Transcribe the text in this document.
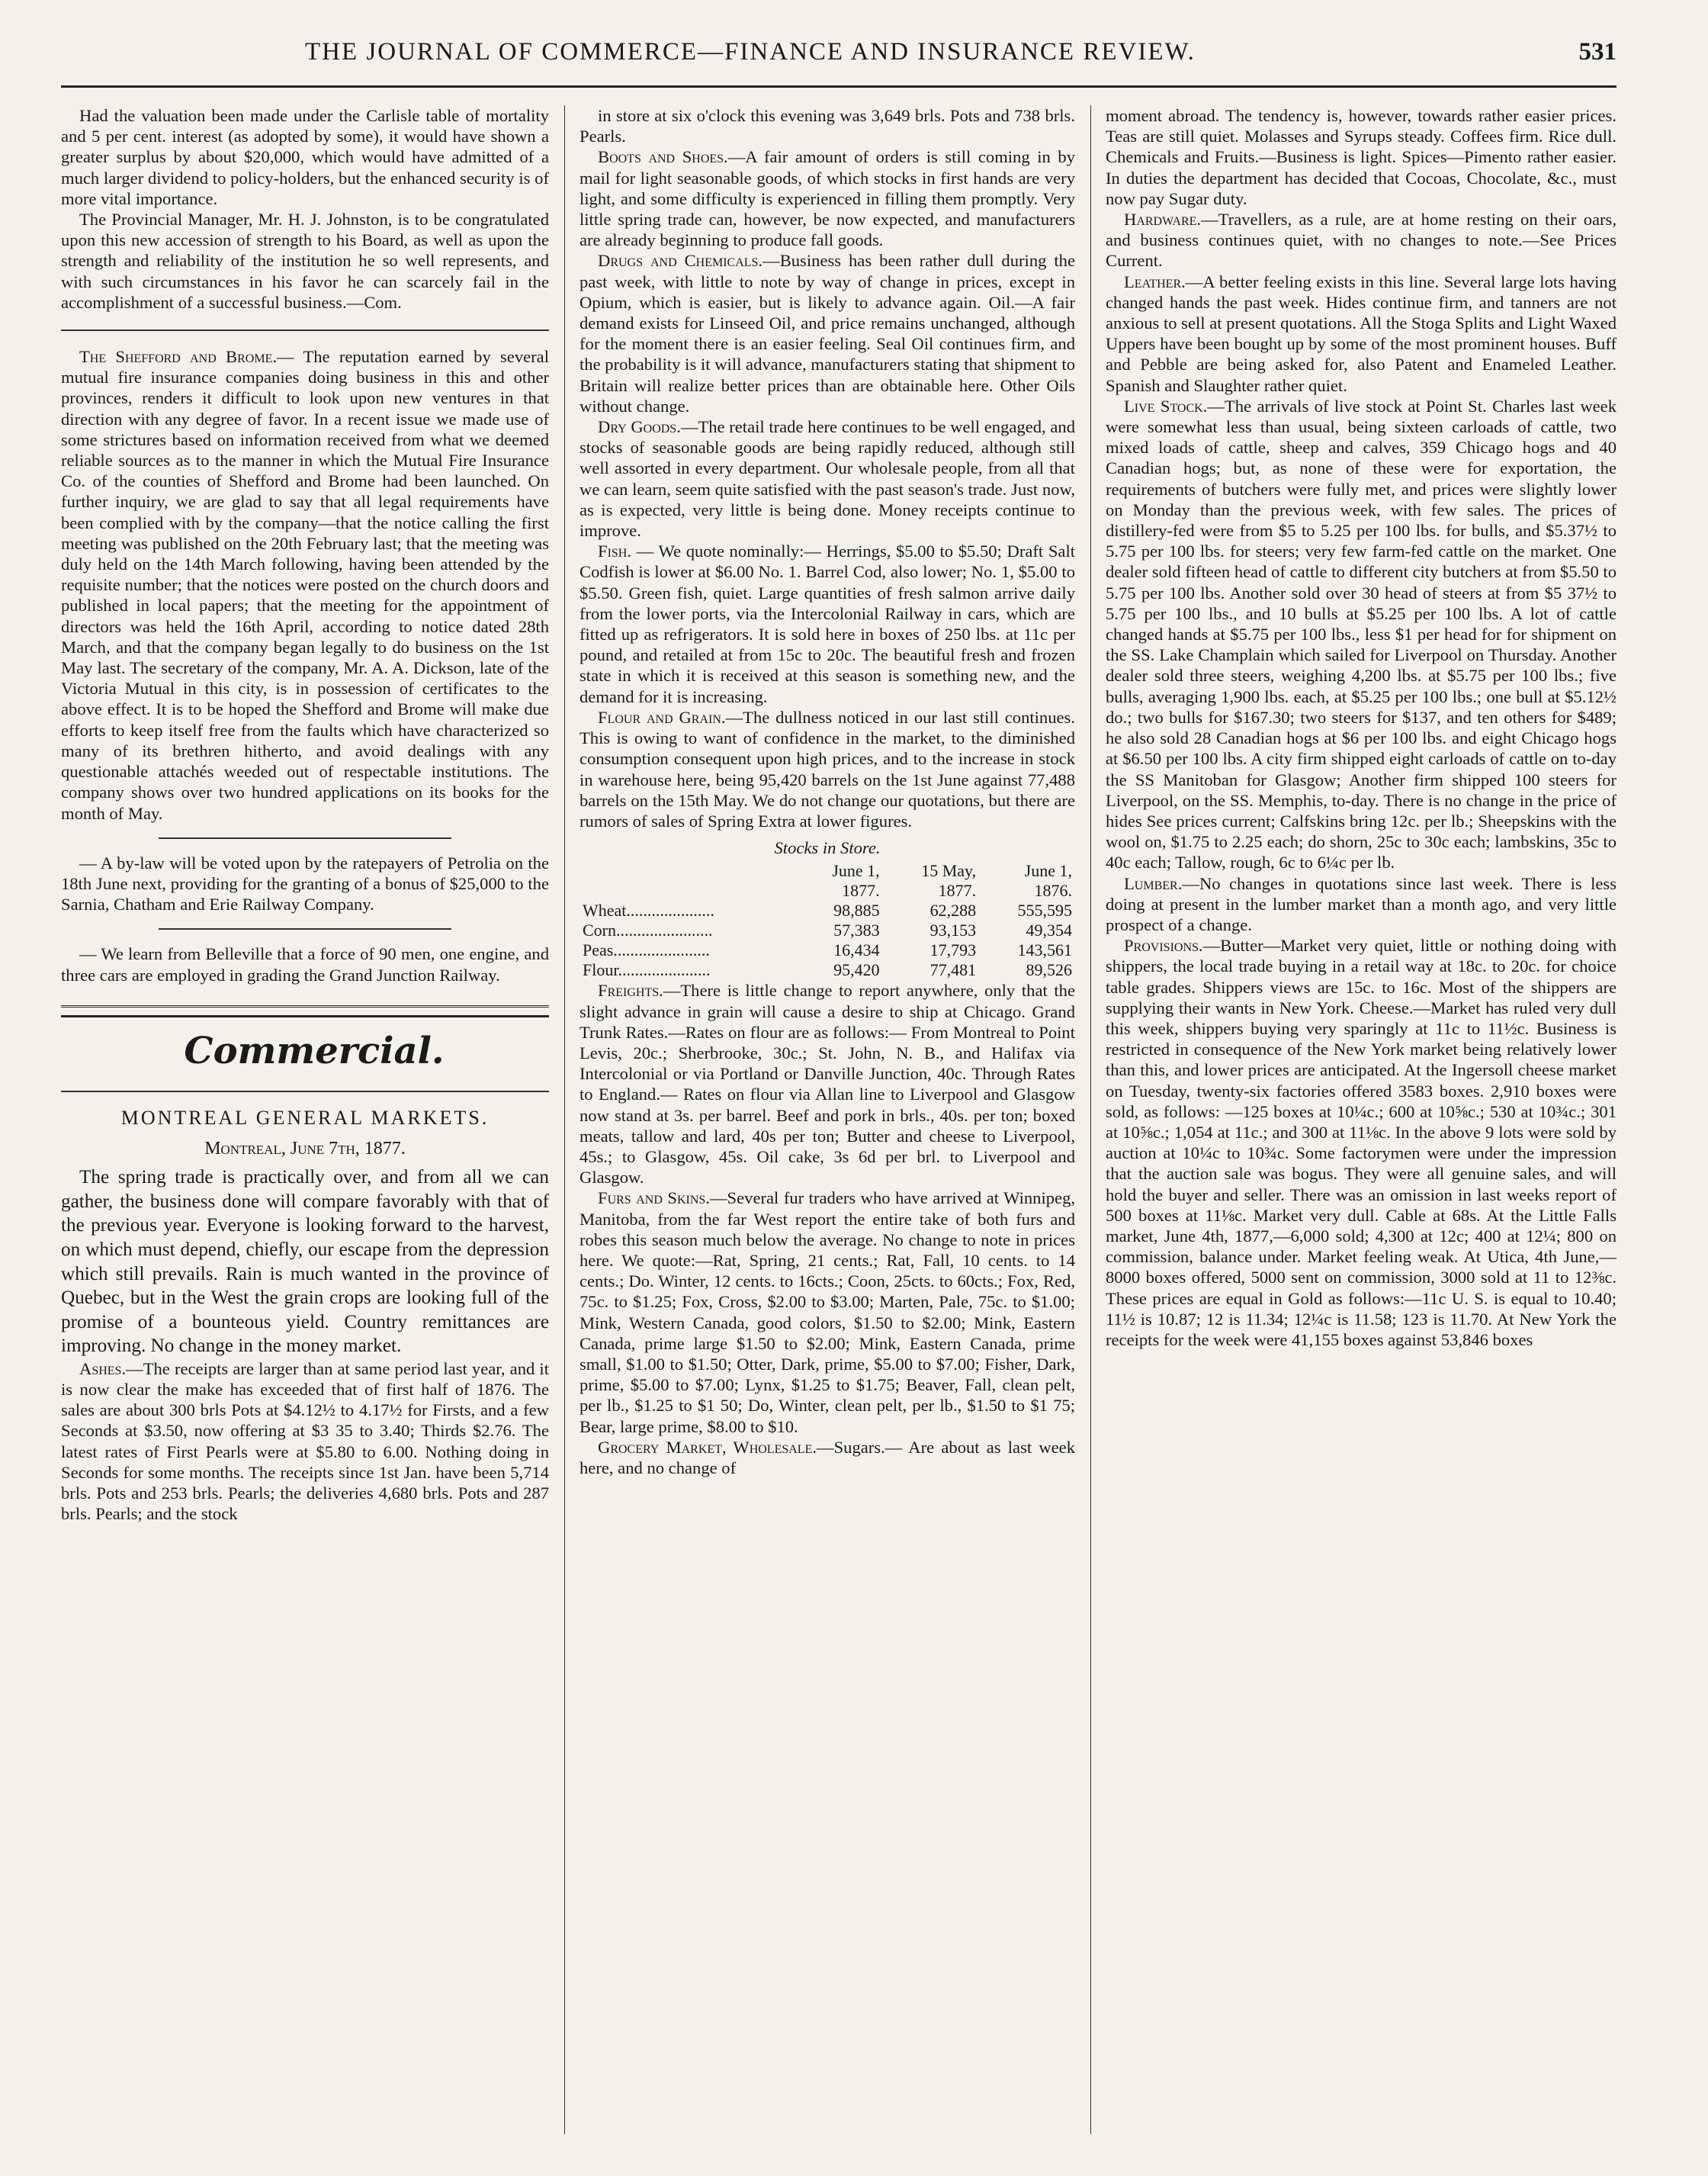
THE JOURNAL OF COMMERCE—FINANCE AND INSURANCE REVIEW.	531

Had the valuation been made under the Carlisle table of mortality and 5 per cent. interest (as adopted by some), it would have shown a greater surplus by about $20,000, which would have admitted of a much larger dividend to policy-holders, but the enhanced security is of more vital importance.

The Provincial Manager, Mr. H. J. Johnston, is to be congratulated upon this new accession of strength to his Board, as well as upon the strength and reliability of the institution he so well represents, and with such circumstances in his favor he can scarcely fail in the accomplishment of a successful business.—Com.

The Shefford and Brome.— The reputation earned by several mutual fire insurance companies doing business in this and other provinces, renders it difficult to look upon new ventures in that direction with any degree of favor. In a recent issue we made use of some strictures based on information received from what we deemed reliable sources as to the manner in which the Mutual Fire Insurance Co. of the counties of Shefford and Brome had been launched. On further inquiry, we are glad to say that all legal requirements have been complied with by the company—that the notice calling the first meeting was published on the 20th February last; that the meeting was duly held on the 14th March following, having been attended by the requisite number; that the notices were posted on the church doors and published in local papers; that the meeting for the appointment of directors was held the 16th April, according to notice dated 28th March, and that the company began legally to do business on the 1st May last. The secretary of the company, Mr. A. A. Dickson, late of the Victoria Mutual in this city, is in possession of certificates to the above effect. It is to be hoped the Shefford and Brome will make due efforts to keep itself free from the faults which have characterized so many of its brethren hitherto, and avoid dealings with any questionable attachés weeded out of respectable institutions. The company shows over two hundred applications on its books for the month of May.

— A by-law will be voted upon by the ratepayers of Petrolia on the 18th June next, providing for the granting of a bonus of $25,000 to the Sarnia, Chatham and Erie Railway Company.

— We learn from Belleville that a force of 90 men, one engine, and three cars are employed in grading the Grand Junction Railway.

Commercial.

MONTREAL GENERAL MARKETS.
Montreal, June 7th, 1877.

The spring trade is practically over, and from all we can gather, the business done will compare favorably with that of the previous year. Everyone is looking forward to the harvest, on which must depend, chiefly, our escape from the depression which still prevails. Rain is much wanted in the province of Quebec, but in the West the grain crops are looking full of the promise of a bounteous yield. Country remittances are improving. No change in the money market.

Ashes.—The receipts are larger than at same period last year, and it is now clear the make has exceeded that of first half of 1876. The sales are about 300 brls Pots at $4.12½ to 4.17½ for Firsts, and a few Seconds at $3.50, now offering at $3 35 to 3.40; Thirds $2.76. The latest rates of First Pearls were at $5.80 to 6.00. Nothing doing in Seconds for some months. The receipts since 1st Jan. have been 5,714 brls. Pots and 253 brls. Pearls; the deliveries 4,680 brls. Pots and 287 brls. Pearls; and the stock

in store at six o'clock this evening was 3,649 brls. Pots and 738 brls. Pearls.

Boots and Shoes.—A fair amount of orders is still coming in by mail for light seasonable goods, of which stocks in first hands are very light, and some difficulty is experienced in filling them promptly. Very little spring trade can, however, be now expected, and manufacturers are already beginning to produce fall goods.

Drugs and Chemicals.—Business has been rather dull during the past week, with little to note by way of change in prices, except in Opium, which is easier, but is likely to advance again. Oil.—A fair demand exists for Linseed Oil, and price remains unchanged, although for the moment there is an easier feeling. Seal Oil continues firm, and the probability is it will advance, manufacturers stating that shipment to Britain will realize better prices than are obtainable here. Other Oils without change.

Dry Goods.—The retail trade here continues to be well engaged, and stocks of seasonable goods are being rapidly reduced, although still well assorted in every department. Our wholesale people, from all that we can learn, seem quite satisfied with the past season's trade. Just now, as is expected, very little is being done. Money receipts continue to improve.

Fish. — We quote nominally:— Herrings, $5.00 to $5.50; Draft Salt Codfish is lower at $6.00 No. 1. Barrel Cod, also lower; No. 1, $5.00 to $5.50. Green fish, quiet. Large quantities of fresh salmon arrive daily from the lower ports, via the Intercolonial Railway in cars, which are fitted up as refrigerators. It is sold here in boxes of 250 lbs. at 11c per pound, and retailed at from 15c to 20c. The beautiful fresh and frozen state in which it is received at this season is something new, and the demand for it is increasing.

Flour and Grain.—The dullness noticed in our last still continues. This is owing to want of confidence in the market, to the diminished consumption consequent upon high prices, and to the increase in stock in warehouse here, being 95,420 barrels on the 1st June against 77,488 barrels on the 15th May. We do not change our quotations, but there are rumors of sales of Spring Extra at lower figures.

Stocks in Store.
	June 1,	15 May,	June 1,
	1877.	1877.	1876.
Wheat.....................	98,885	62,288	555,595
Corn.......................	57,383	93,153	49,354
Peas.......................	16,434	17,793	143,561
Flour......................	95,420	77,481	89,526

Freights.—There is little change to report anywhere, only that the slight advance in grain will cause a desire to ship at Chicago. Grand Trunk Rates.—Rates on flour are as follows:— From Montreal to Point Levis, 20c.; Sherbrooke, 30c.; St. John, N. B., and Halifax via Intercolonial or via Portland or Danville Junction, 40c. Through Rates to England.— Rates on flour via Allan line to Liverpool and Glasgow now stand at 3s. per barrel. Beef and pork in brls., 40s. per ton; boxed meats, tallow and lard, 40s per ton; Butter and cheese to Liverpool, 45s.; to Glasgow, 45s. Oil cake, 3s 6d per brl. to Liverpool and Glasgow.

Furs and Skins.—Several fur traders who have arrived at Winnipeg, Manitoba, from the far West report the entire take of both furs and robes this season much below the average. No change to note in prices here. We quote:—Rat, Spring, 21 cents.; Rat, Fall, 10 cents. to 14 cents.; Do. Winter, 12 cents. to 16cts.; Coon, 25cts. to 60cts.; Fox, Red, 75c. to $1.25; Fox, Cross, $2.00 to $3.00; Marten, Pale, 75c. to $1.00; Mink, Western Canada, good colors, $1.50 to $2.00; Mink, Eastern Canada, prime large $1.50 to $2.00; Mink, Eastern Canada, prime small, $1.00 to $1.50; Otter, Dark, prime, $5.00 to $7.00; Fisher, Dark, prime, $5.00 to $7.00; Lynx, $1.25 to $1.75; Beaver, Fall, clean pelt, per lb., $1.25 to $1 50; Do, Winter, clean pelt, per lb., $1.50 to $1 75; Bear, large prime, $8.00 to $10.

Grocery Market, Wholesale.—Sugars.— Are about as last week here, and no change of

moment abroad. The tendency is, however, towards rather easier prices. Teas are still quiet. Molasses and Syrups steady. Coffees firm. Rice dull. Chemicals and Fruits.—Business is light. Spices—Pimento rather easier. In duties the department has decided that Cocoas, Chocolate, &c., must now pay Sugar duty.

Hardware.—Travellers, as a rule, are at home resting on their oars, and business continues quiet, with no changes to note.—See Prices Current.

Leather.—A better feeling exists in this line. Several large lots having changed hands the past week. Hides continue firm, and tanners are not anxious to sell at present quotations. All the Stoga Splits and Light Waxed Uppers have been bought up by some of the most prominent houses. Buff and Pebble are being asked for, also Patent and Enameled Leather. Spanish and Slaughter rather quiet.

Live Stock.—The arrivals of live stock at Point St. Charles last week were somewhat less than usual, being sixteen carloads of cattle, two mixed loads of cattle, sheep and calves, 359 Chicago hogs and 40 Canadian hogs; but, as none of these were for exportation, the requirements of butchers were fully met, and prices were slightly lower on Monday than the previous week, with few sales. The prices of distillery-fed were from $5 to 5.25 per 100 lbs. for bulls, and $5.37½ to 5.75 per 100 lbs. for steers; very few farm-fed cattle on the market. One dealer sold fifteen head of cattle to different city butchers at from $5.50 to 5.75 per 100 lbs. Another sold over 30 head of steers at from $5 37½ to 5.75 per 100 lbs., and 10 bulls at $5.25 per 100 lbs. A lot of cattle changed hands at $5.75 per 100 lbs., less $1 per head for for shipment on the SS. Lake Champlain which sailed for Liverpool on Thursday. Another dealer sold three steers, weighing 4,200 lbs. at $5.75 per 100 lbs.; five bulls, averaging 1,900 lbs. each, at $5.25 per 100 lbs.; one bull at $5.12½ do.; two bulls for $167.30; two steers for $137, and ten others for $489; he also sold 28 Canadian hogs at $6 per 100 lbs. and eight Chicago hogs at $6.50 per 100 lbs. A city firm shipped eight carloads of cattle on to-day the SS Manitoban for Glasgow; Another firm shipped 100 steers for Liverpool, on the SS. Memphis, to-day. There is no change in the price of hides See prices current; Calfskins bring 12c. per lb.; Sheepskins with the wool on, $1.75 to 2.25 each; do shorn, 25c to 30c each; lambskins, 35c to 40c each; Tallow, rough, 6c to 6¼c per lb.

Lumber.—No changes in quotations since last week. There is less doing at present in the lumber market than a month ago, and very little prospect of a change.

Provisions.—Butter—Market very quiet, little or nothing doing with shippers, the local trade buying in a retail way at 18c. to 20c. for choice table grades. Shippers views are 15c. to 16c. Most of the shippers are supplying their wants in New York. Cheese.—Market has ruled very dull this week, shippers buying very sparingly at 11c to 11½c. Business is restricted in consequence of the New York market being relatively lower than this, and lower prices are anticipated. At the Ingersoll cheese market on Tuesday, twenty-six factories offered 3583 boxes. 2,910 boxes were sold, as follows: —125 boxes at 10¼c.; 600 at 10⅝c.; 530 at 10¾c.; 301 at 10⅝c.; 1,054 at 11c.; and 300 at 11⅛c. In the above 9 lots were sold by auction at 10¼c to 10¾c. Some factorymen were under the impression that the auction sale was bogus. They were all genuine sales, and will hold the buyer and seller. There was an omission in last weeks report of 500 boxes at 11⅛c. Market very dull. Cable at 68s. At the Little Falls market, June 4th, 1877,—6,000 sold; 4,300 at 12c; 400 at 12¼; 800 on commission, balance under. Market feeling weak. At Utica, 4th June,—8000 boxes offered, 5000 sent on commission, 3000 sold at 11 to 12⅜c. These prices are equal in Gold as follows:—11c U. S. is equal to 10.40; 11½ is 10.87; 12 is 11.34; 12¼c is 11.58; 123 is 11.70. At New York the receipts for the week were 41,155 boxes against 53,846 boxes
